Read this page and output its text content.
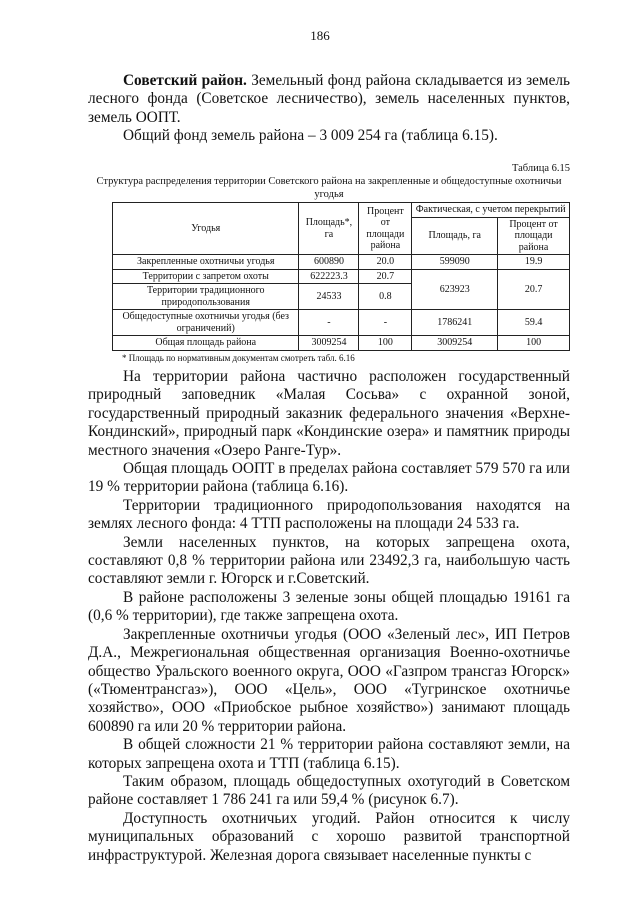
186

Советский район. Земельный фонд района складывается из земель лесного фонда (Советское лесничество), земель населенных пунктов, земель ООПТ.

Общий фонд земель района – 3 009 254 га (таблица 6.15).

Таблица 6.15
Структура распределения территории Советского района на закрепленные и общедоступные охотничьи угодья
Угодья	Площадь*, га	Процент от площади района	Фактическая, с учетом перекрытий	
			Площадь, га	Процент от площади района
Закрепленные охотничьи угодья	600890	20.0	599090	19.9
Территории с запретом охоты	622223.3	20.7	623923	20.7
Территории традиционного природопользования	24533	0.8		
Общедоступные охотничьи угодья (без ограничений)	-	-	1786241	59.4
Общая площадь района	3009254	100	3009254	100
* Площадь по нормативным документам смотреть табл. 6.16

На территории района частично расположен государственный природный заповедник «Малая Сосьва» с охранной зоной, государственный природный заказник федерального значения «Верхне-Кондинский», природный парк «Кондинские озера» и памятник природы местного значения «Озеро Ранге-Тур».

Общая площадь ООПТ в пределах района составляет 579 570 га или 19 % территории района (таблица 6.16).

Территории традиционного природопользования находятся на землях лесного фонда: 4 ТТП расположены на площади 24 533 га.

Земли населенных пунктов, на которых запрещена охота, составляют 0,8 % территории района или 23492,3 га, наибольшую часть составляют земли г. Югорск и г.Советский.

В районе расположены 3 зеленые зоны общей площадью 19161 га (0,6 % территории), где также запрещена охота.

Закрепленные охотничьи угодья (ООО «Зеленый лес», ИП Петров Д.А., Межрегиональная общественная организация Военно-охотничье общество Уральского военного округа, ООО «Газпром трансгаз Югорск» («Тюментрансгаз»), ООО «Цель», ООО «Тугринское охотничье хозяйство», ООО «Приобское рыбное хозяйство») занимают площадь 600890 га или 20 % территории района.

В общей сложности 21 % территории района составляют земли, на которых запрещена охота и ТТП (таблица 6.15).

Таким образом, площадь общедоступных охотугодий в Советском районе составляет 1 786 241 га или 59,4 % (рисунок 6.7).

Доступность охотничьих угодий. Район относится к числу муниципальных образований с хорошо развитой транспортной инфраструктурой. Железная дорога связывает населенные пункты с
